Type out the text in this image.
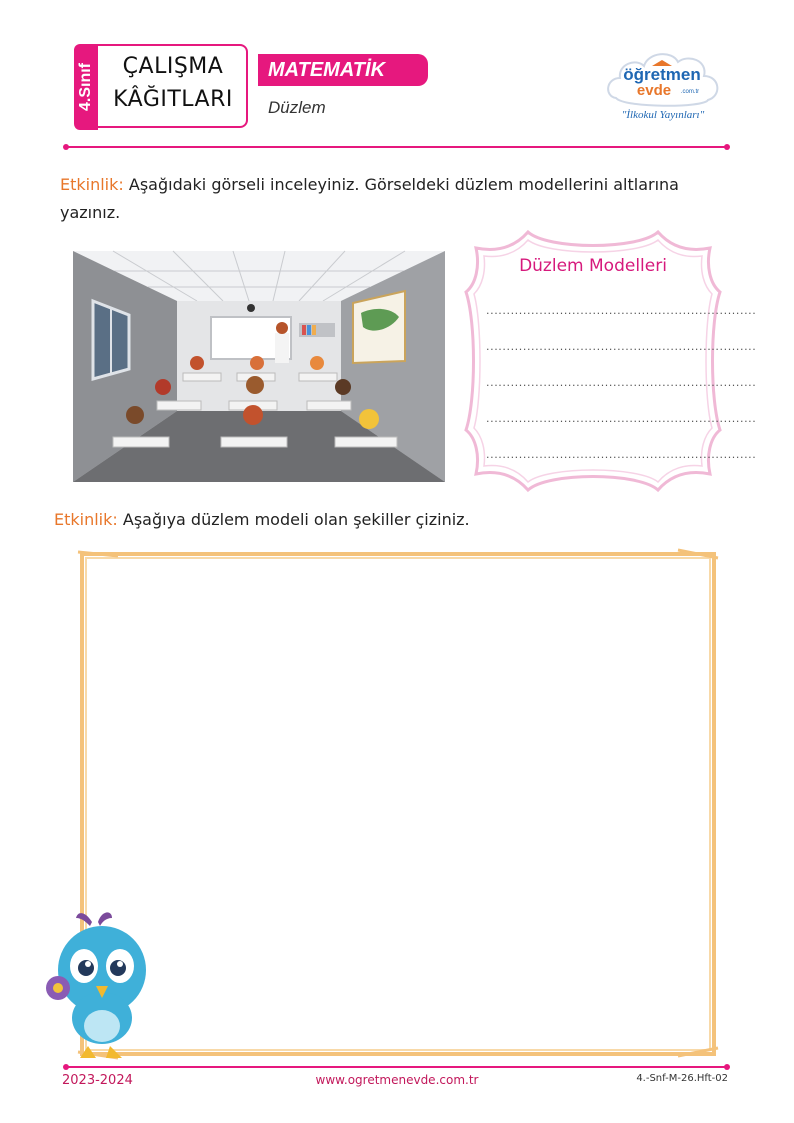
4.Sınıf	ÇALIŞMA
KÂĞITLARI
MATEMATİK
Düzlem
öğretmen
evde .com.tr
"İlkokul Yayınları"
Etkinlik: Aşağıdaki görseli inceleyiniz. Görseldeki düzlem modellerini altlarına
yazınız.
Düzlem Modelleri
..................................................................
..................................................................
..................................................................
..................................................................
..................................................................
Etkinlik: Aşağıya düzlem modeli olan şekiller çiziniz.
2023-2024	www.ogretmenevde.com.tr	4.-Snf-M-26.Hft-02
